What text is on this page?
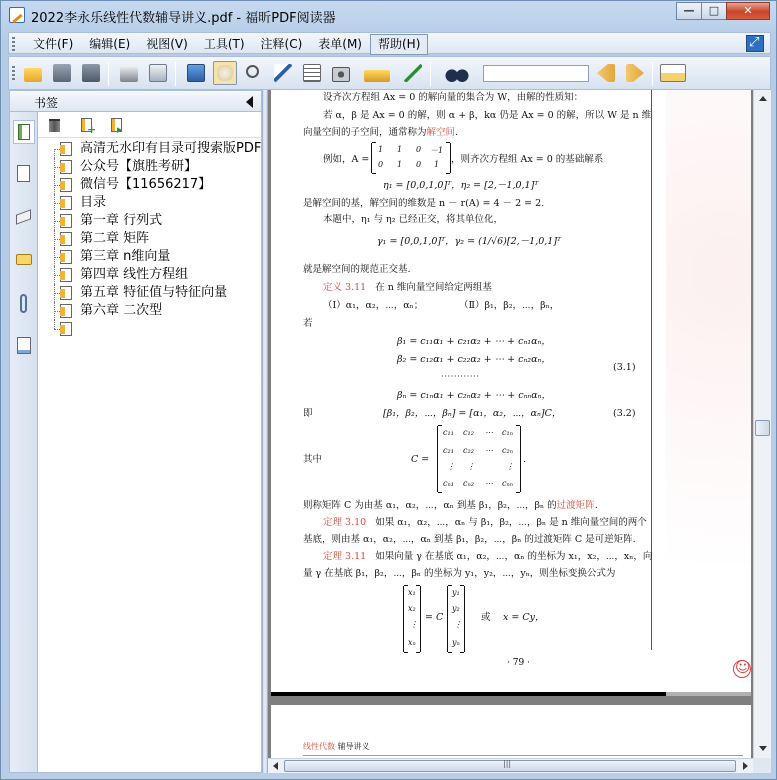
2022李永乐线性代数辅导讲义.pdf - 福昕PDF阅读器
—	□	✕
文件(F)	编辑(E)	视图(V)	工具(T)	注释(C)	表单(M)	帮助(H)
⤢
书签
+ ▸
高清无水印有目录可搜索版PDF
公众号【旗胜考研】
微信号【11656217】
目录
第一章 行列式
第二章 矩阵
第三章 n维向量
第四章 线性方程组
第五章 特征值与特征向量
第六章 二次型
设齐次方程组 Ax = 0 的解向量的集合为 W，由解的性质知：
若 α，β 是 Ax = 0 的解，则 α + β，kα 仍是 Ax = 0 的解，所以 W 是 n 维
向量空间的子空间，通常称为解空间.
例如，A =
1 1 0 －1
0 1 0 1 ，则齐次方程组 Ax = 0 的基础解系
η₁ = [0,0,1,0]ᵀ，η₂ = [2,－1,0,1]ᵀ
是解空间的基，解空间的维数是 n － r(A) = 4 － 2 = 2.
本题中，η₁ 与 η₂ 已经正交，将其单位化，
γ₁ = [0,0,1,0]ᵀ，γ₂ = (1/√6)[2,－1,0,1]ᵀ
就是解空间的规范正交基.
定义 3.11 在 n 维向量空间给定两组基
（Ⅰ）α₁，α₂，⋯，αₙ；	（Ⅱ）β₁，β₂，⋯，βₙ，
若
β₁ = c₁₁α₁ + c₂₁α₂ + ⋯ + cₙ₁αₙ，
β₂ = c₁₂α₁ + c₂₂α₂ + ⋯ + cₙ₂αₙ，
(3.1)
⋯⋯⋯⋯
βₙ = c₁ₙα₁ + c₂ₙα₂ + ⋯ + cₙₙαₙ，
即	[β₁，β₂，⋯，βₙ] = [α₁，α₂，⋯，αₙ]C，	(3.2)
其中	C =
c₁₁ c₁₂ ⋯ c₁ₙ
c₂₁ c₂₂ ⋯ c₂ₙ
⋮ ⋮	⋮
cₙ₁ cₙ₂ ⋯ cₙₙ
.
则称矩阵 C 为由基 α₁，α₂，⋯，αₙ 到基 β₁，β₂，⋯，βₙ 的过渡矩阵.
定理 3.10 如果 α₁，α₂，⋯，αₙ 与 β₁，β₂，⋯，βₙ 是 n 维向量空间的两个
基底，则由基 α₁，α₂，⋯，αₙ 到基 β₁，β₂，⋯，βₙ 的过渡矩阵 C 是可逆矩阵.
定理 3.11 如果向量 γ 在基底 α₁，α₂，⋯，αₙ 的坐标为 x₁，x₂，⋯，xₙ，向
量 γ 在基底 β₁，β₂，⋯，βₙ 的坐标为 y₁，y₂，⋯，yₙ，则坐标变换公式为
x₁
x₂
⋮
xₙ
= C
y₁
y₂
⋮
yₙ
或 x = Cy，
· 79 ·
☺
线性代数 辅导讲义
|||
